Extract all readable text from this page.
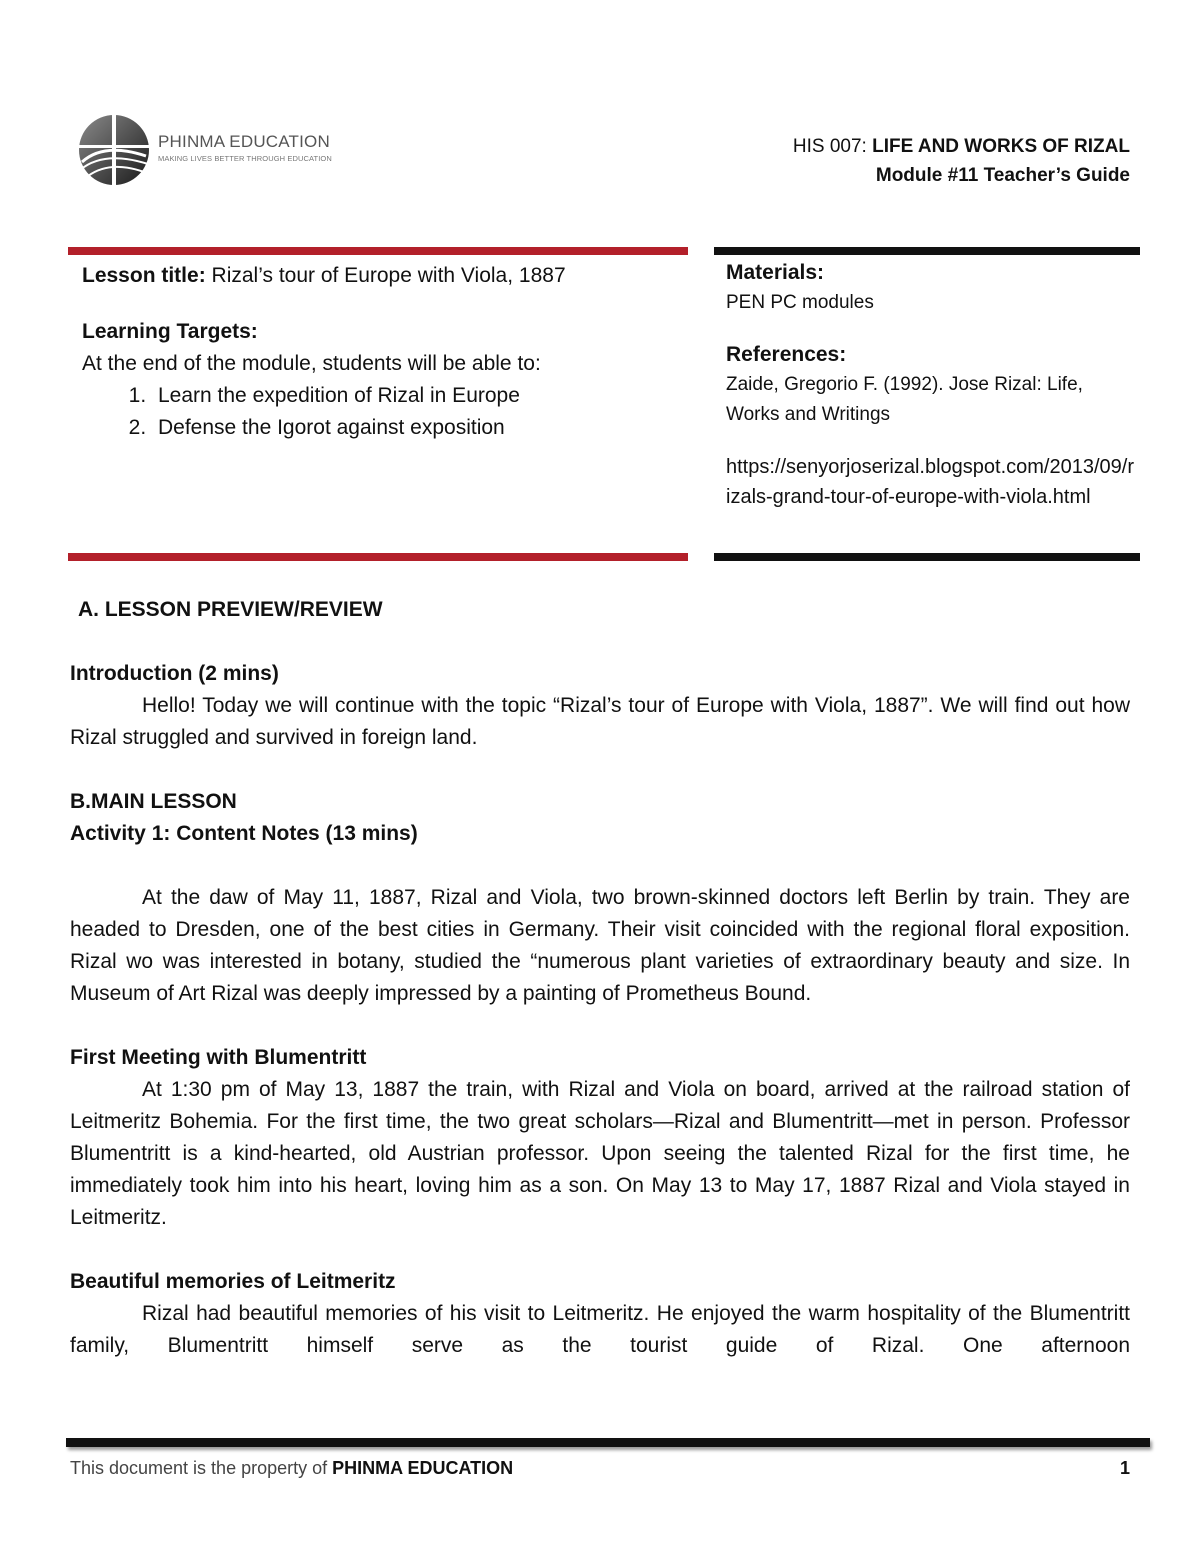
PHINMA EDUCATION
MAKING LIVES BETTER THROUGH EDUCATION
HIS 007: LIFE AND WORKS OF RIZAL
Module #11 Teacher’s Guide
Lesson title: Rizal’s tour of Europe with Viola, 1887
Learning Targets:
At the end of the module, students will be able to:
1. Learn the expedition of Rizal in Europe
2. Defense the Igorot against exposition
Materials:
PEN PC modules
References:
Zaide, Gregorio F. (1992). Jose Rizal: Life, Works and Writings
https://senyorjoserizal.blogspot.com/2013/09/rizals-grand-tour-of-europe-with-viola.html
A. LESSON PREVIEW/REVIEW
Introduction (2 mins)
Hello! Today we will continue with the topic “Rizal’s tour of Europe with Viola, 1887”. We will find out how Rizal struggled and survived in foreign land.
B.MAIN LESSON
Activity 1: Content Notes (13 mins)
At the daw of May 11, 1887, Rizal and Viola, two brown-skinned doctors left Berlin by train. They are headed to Dresden, one of the best cities in Germany. Their visit coincided with the regional floral exposition. Rizal wo was interested in botany, studied the “numerous plant varieties of extraordinary beauty and size. In Museum of Art Rizal was deeply impressed by a painting of Prometheus Bound.
First Meeting with Blumentritt
At 1:30 pm of May 13, 1887 the train, with Rizal and Viola on board, arrived at the railroad station of Leitmeritz Bohemia. For the first time, the two great scholars—Rizal and Blumentritt—met in person. Professor Blumentritt is a kind-hearted, old Austrian professor. Upon seeing the talented Rizal for the first time, he immediately took him into his heart, loving him as a son. On May 13 to May 17, 1887 Rizal and Viola stayed in Leitmeritz.
Beautiful memories of Leitmeritz
Rizal had beautiful memories of his visit to Leitmeritz. He enjoyed the warm hospitality of the Blumentritt family, Blumentritt himself serve as the tourist guide of Rizal. One afternoon
This document is the property of PHINMA EDUCATION	1
